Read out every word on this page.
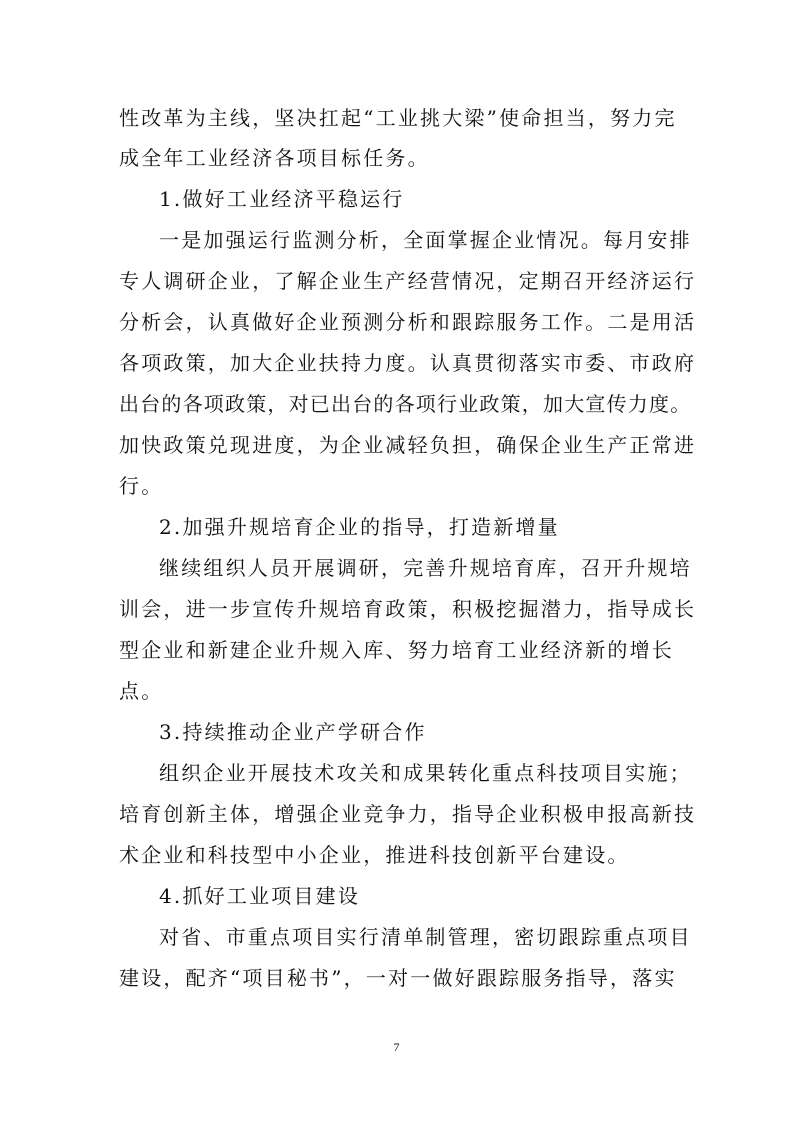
性改革为主线，坚决扛起“工业挑大梁”使命担当，努力完
成全年工业经济各项目标任务。
1.做好工业经济平稳运行
一是加强运行监测分析，全面掌握企业情况。每月安排
专人调研企业，了解企业生产经营情况，定期召开经济运行
分析会，认真做好企业预测分析和跟踪服务工作。二是用活
各项政策，加大企业扶持力度。认真贯彻落实市委、市政府
出台的各项政策，对已出台的各项行业政策，加大宣传力度。
加快政策兑现进度，为企业减轻负担，确保企业生产正常进
行。
2.加强升规培育企业的指导，打造新增量
继续组织人员开展调研，完善升规培育库，召开升规培
训会，进一步宣传升规培育政策，积极挖掘潜力，指导成长
型企业和新建企业升规入库、努力培育工业经济新的增长
点。
3.持续推动企业产学研合作
组织企业开展技术攻关和成果转化重点科技项目实施；
培育创新主体，增强企业竞争力，指导企业积极申报高新技
术企业和科技型中小企业，推进科技创新平台建设。
4.抓好工业项目建设
对省、市重点项目实行清单制管理，密切跟踪重点项目
建设，配齐“项目秘书”，一对一做好跟踪服务指导，落实
7
